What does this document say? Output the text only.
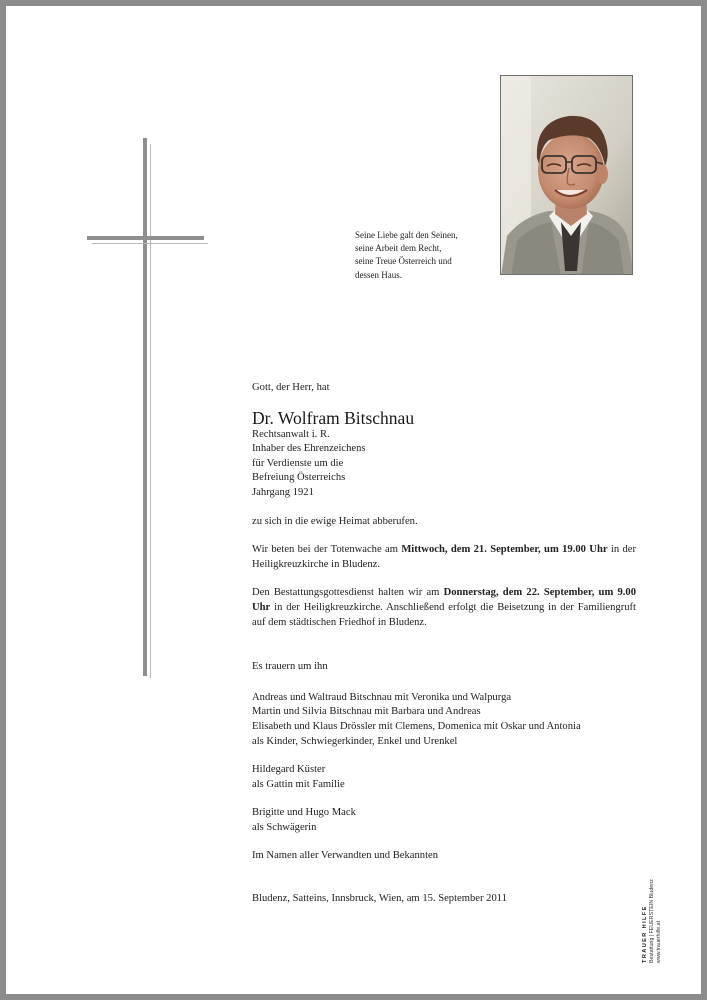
Seine Liebe galt den Seinen,
seine Arbeit dem Recht,
seine Treue Österreich und
dessen Haus.

Gott, der Herr, hat

Dr. Wolfram Bitschnau

Rechtsanwalt i. R.

Inhaber des Ehrenzeichens

für Verdienste um die

Befreiung Österreichs

Jahrgang 1921

zu sich in die ewige Heimat abberufen.

Wir beten bei der Totenwache am Mittwoch, dem 21. September, um 19.00 Uhr in der Heiligkreuzkirche in Bludenz.

Den Bestattungsgottesdienst halten wir am Donnerstag, dem 22. September, um 9.00 Uhr in der Heiligkreuzkirche. Anschließend erfolgt die Beisetzung in der Familiengruft auf dem städtischen Friedhof in Bludenz.

Es trauern um ihn

Andreas und Waltraud Bitschnau mit Veronika und Walpurga

Martin und Silvia Bitschnau mit Barbara und Andreas

Elisabeth und Klaus Drössler mit Clemens, Domenica mit Oskar und Antonia

als Kinder, Schwiegerkinder, Enkel und Urenkel

Hildegard Küster

als Gattin mit Familie

Brigitte und Hugo Mack

als Schwägerin

Im Namen aller Verwandten und Bekannten

Bludenz, Satteins, Innsbruck, Wien, am 15. September 2011

TRAUER HILFE Bestattung | FEUERSTEIN Bludenz www.trauerhilfe.at
